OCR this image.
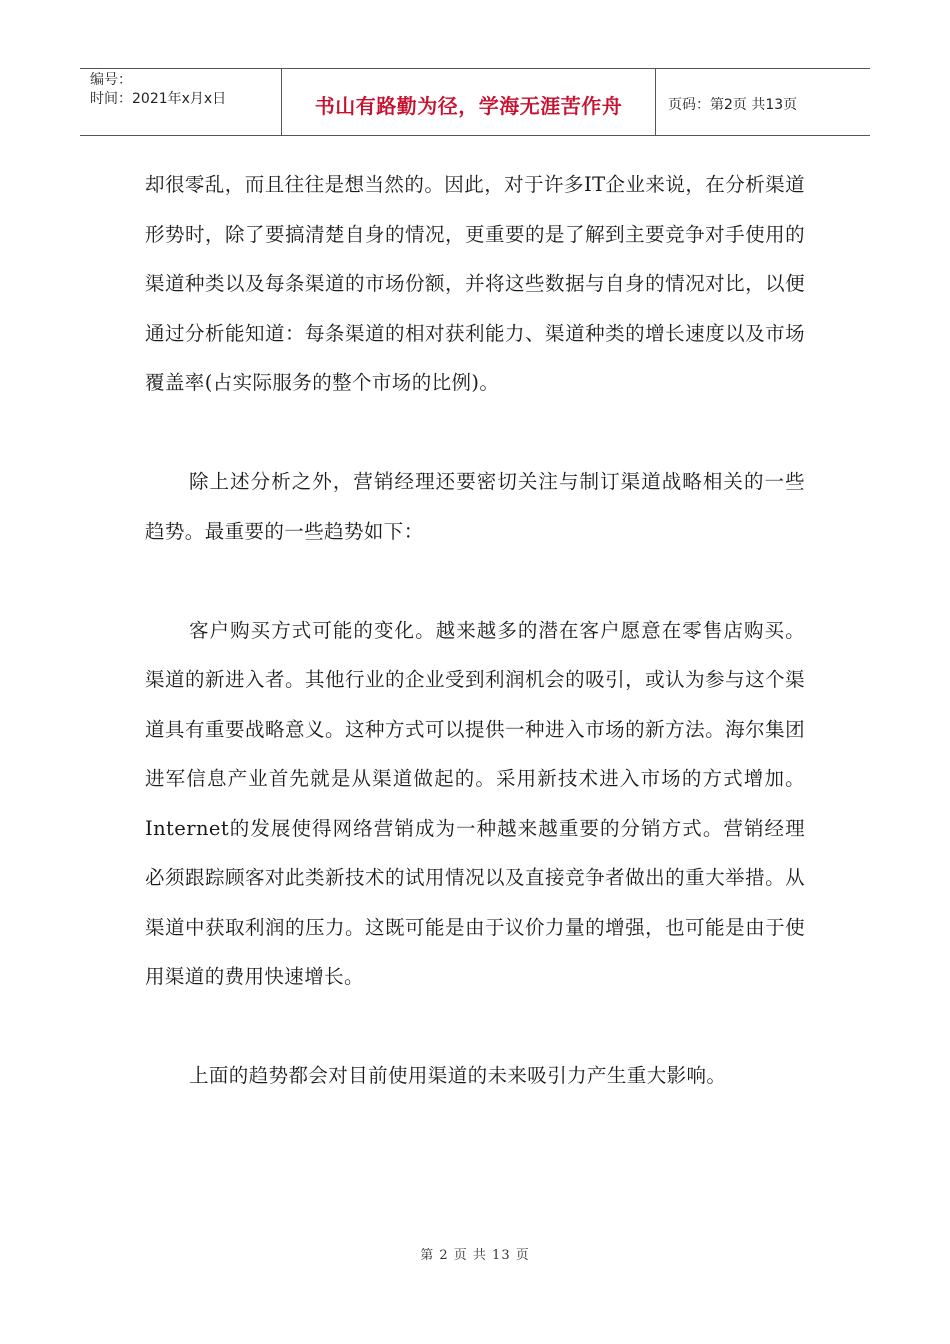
编号：
时间：2021年x月x日	书山有路勤为径，学海无涯苦作舟	页码：第2页 共13页

却很零乱，而且往往是想当然的。因此，对于许多IT企业来说，在分析渠道形势时，除了要搞清楚自身的情况，更重要的是了解到主要竞争对手使用的渠道种类以及每条渠道的市场份额，并将这些数据与自身的情况对比，以便通过分析能知道：每条渠道的相对获利能力、渠道种类的增长速度以及市场覆盖率(占实际服务的整个市场的比例)。

除上述分析之外，营销经理还要密切关注与制订渠道战略相关的一些趋势。最重要的一些趋势如下：

客户购买方式可能的变化。越来越多的潜在客户愿意在零售店购买。渠道的新进入者。其他行业的企业受到利润机会的吸引，或认为参与这个渠道具有重要战略意义。这种方式可以提供一种进入市场的新方法。海尔集团进军信息产业首先就是从渠道做起的。采用新技术进入市场的方式增加。Internet的发展使得网络营销成为一种越来越重要的分销方式。营销经理必须跟踪顾客对此类新技术的试用情况以及直接竞争者做出的重大举措。从渠道中获取利润的压力。这既可能是由于议价力量的增强，也可能是由于使用渠道的费用快速增长。

上面的趋势都会对目前使用渠道的未来吸引力产生重大影响。

第 2 页 共 13 页
